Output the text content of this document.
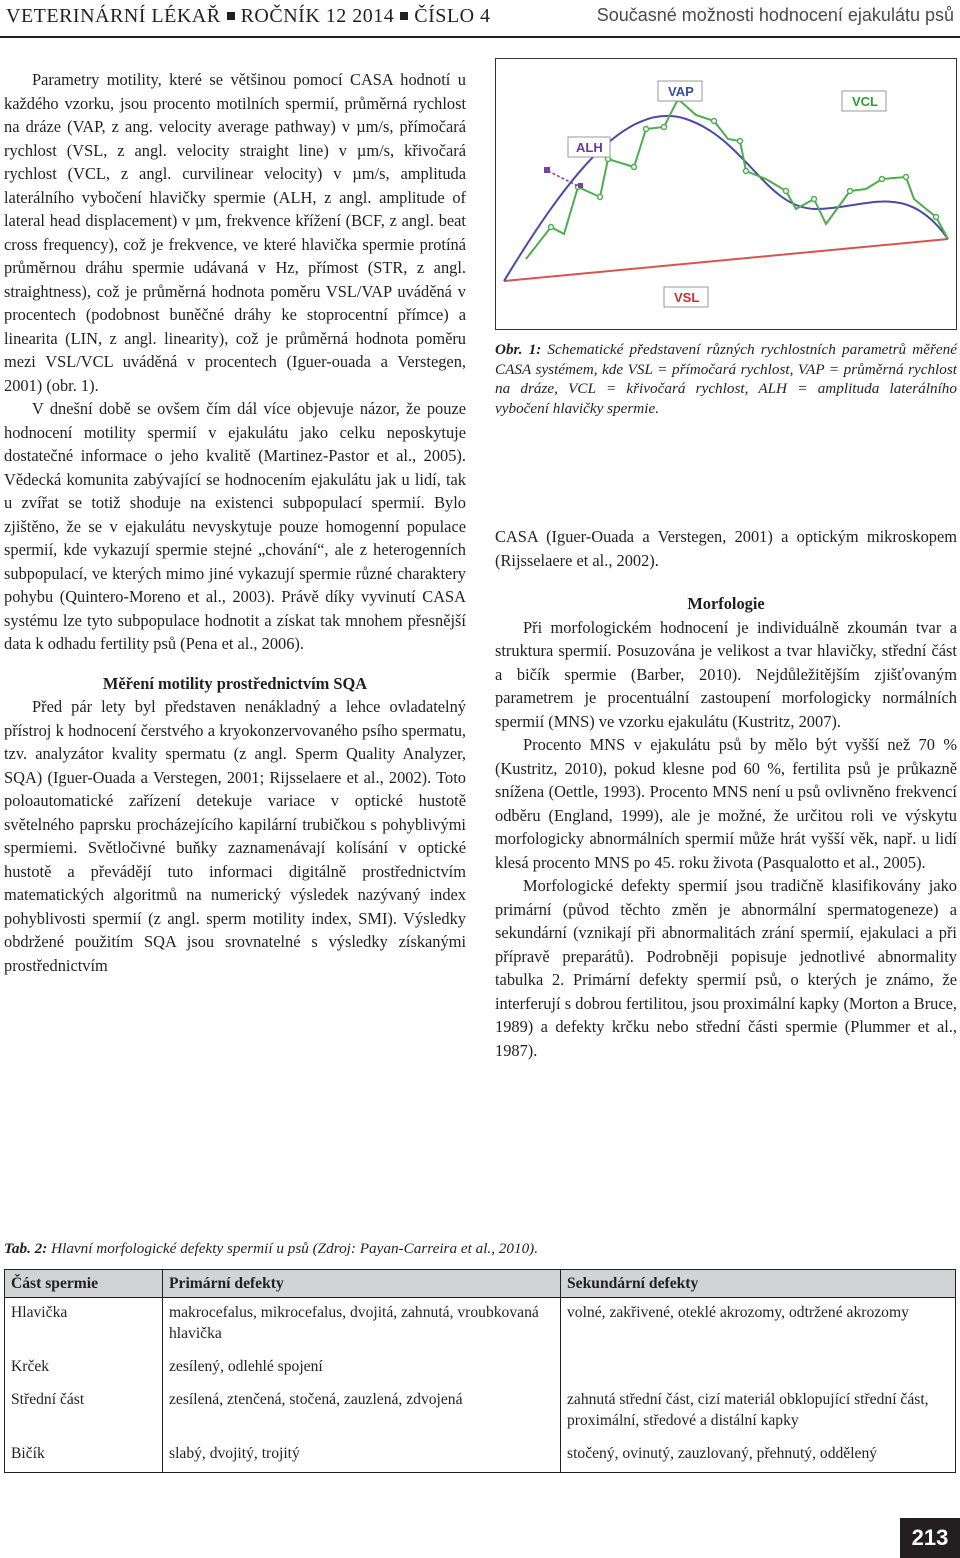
VETERINÁRNÍ LÉKAŘ ROČNÍK 12 2014 ČÍSLO 4	Současné možnosti hodnocení ejakulátu psů

Parametry motility, které se většinou pomocí CASA hodnotí u každého vzorku, jsou procento motilních spermií, průměrná rychlost na dráze (VAP, z ang. velocity average pathway) v µm/s, přímočará rychlost (VSL, z angl. velocity straight line) v µm/s, křivočará rychlost (VCL, z angl. curvilinear velocity) v µm/s, amplituda laterálního vybočení hlavičky spermie (ALH, z angl. amplitude of lateral head displacement) v µm, frekvence křížení (BCF, z angl. beat cross frequency), což je frekvence, ve které hlavička spermie protíná průměrnou dráhu spermie udávaná v Hz, přímost (STR, z angl. straightness), což je průměrná hodnota poměru VSL/VAP uváděná v procentech (podobnost buněčné dráhy ke stoprocentní přímce) a linearita (LIN, z angl. linearity), což je průměrná hodnota poměru mezi VSL/VCL uváděná v procentech (Iguer-ouada a Verstegen, 2001) (obr. 1).

V dnešní době se ovšem čím dál více objevuje názor, že pouze hodnocení motility spermií v ejakulátu jako celku neposkytuje dostatečné informace o jeho kvalitě (Martinez-Pastor et al., 2005). Vědecká komunita zabývající se hodnocením ejakulátu jak u lidí, tak u zvířat se totiž shoduje na existenci subpopulací spermií. Bylo zjištěno, že se v ejakulátu nevyskytuje pouze homogenní populace spermií, kde vykazují spermie stejné „chování“, ale z heterogenních subpopulací, ve kterých mimo jiné vykazují spermie různé charaktery pohybu (Quintero-Moreno et al., 2003). Právě díky vyvinutí CASA systému lze tyto subpopulace hodnotit a získat tak mnohem přesnější data k odhadu fertility psů (Pena et al., 2006).

Měření motility prostřednictvím SQA

Před pár lety byl představen nenákladný a lehce ovladatelný přístroj k hodnocení čerstvého a kryokonzervovaného psího spermatu, tzv. analyzátor kvality spermatu (z angl. Sperm Quality Analyzer, SQA) (Iguer-Ouada a Verstegen, 2001; Rijsselaere et al., 2002). Toto poloautomatické zařízení detekuje variace v optické hustotě světelného paprsku procházejícího kapilární trubičkou s pohyblivými spermiemi. Světločivné buňky zaznamenávají kolísání v optické hustotě a převádějí tuto informaci digitálně prostřednictvím matematických algoritmů na numerický výsledek nazývaný index pohyblivosti spermií (z angl. sperm motility index, SMI). Výsledky obdržené použitím SQA jsou srovnatelné s výsledky získanými prostřednictvím

VAP
VCL
ALH
VSL
Obr. 1: Schematické představení různých rychlostních parametrů měřené CASA systémem, kde VSL = přímočará rychlost, VAP = průměrná rychlost na dráze, VCL = křivočará rychlost, ALH = amplituda laterálního vybočení hlavičky spermie.

CASA (Iguer-Ouada a Verstegen, 2001) a optickým mikroskopem (Rijsselaere et al., 2002).

Morfologie

Při morfologickém hodnocení je individuálně zkoumán tvar a struktura spermií. Posuzována je velikost a tvar hlavičky, střední část a bičík spermie (Barber, 2010). Nejdůležitějším zjišťovaným parametrem je procentuální zastoupení morfologicky normálních spermií (MNS) ve vzorku ejakulátu (Kustritz, 2007).

Procento MNS v ejakulátu psů by mělo být vyšší než 70 % (Kustritz, 2010), pokud klesne pod 60 %, fertilita psů je průkazně snížena (Oettle, 1993). Procento MNS není u psů ovlivněno frekvencí odběru (England, 1999), ale je možné, že určitou roli ve výskytu morfologicky abnormálních spermií může hrát vyšší věk, např. u lidí klesá procento MNS po 45. roku života (Pasqualotto et al., 2005).

Morfologické defekty spermií jsou tradičně klasifikovány jako primární (původ těchto změn je abnormální spermatogeneze) a sekundární (vznikají při abnormalitách zrání spermií, ejakulaci a při přípravě preparátů). Podrobněji popisuje jednotlivé abnormality tabulka 2. Primární defekty spermií psů, o kterých je známo, že interferují s dobrou fertilitou, jsou proximální kapky (Morton a Bruce, 1989) a defekty krčku nebo střední části spermie (Plummer et al., 1987).

Tab. 2: Hlavní morfologické defekty spermií u psů (Zdroj: Payan-Carreira et al., 2010).
Část spermie	Primární defekty	Sekundární defekty
Hlavička	makrocefalus, mikrocefalus, dvojitá, zahnutá, vroubkovaná hlavička	volné, zakřivené, oteklé akrozomy, odtržené akrozomy
Krček	zesílený, odlehlé spojení	
Střední část	zesílená, ztenčená, stočená, zauzlená, zdvojená	zahnutá střední část, cizí materiál obklopující střední část, proximální, středové a distální kapky
Bičík	slabý, dvojitý, trojitý	stočený, ovinutý, zauzlovaný, přehnutý, oddělený
213
